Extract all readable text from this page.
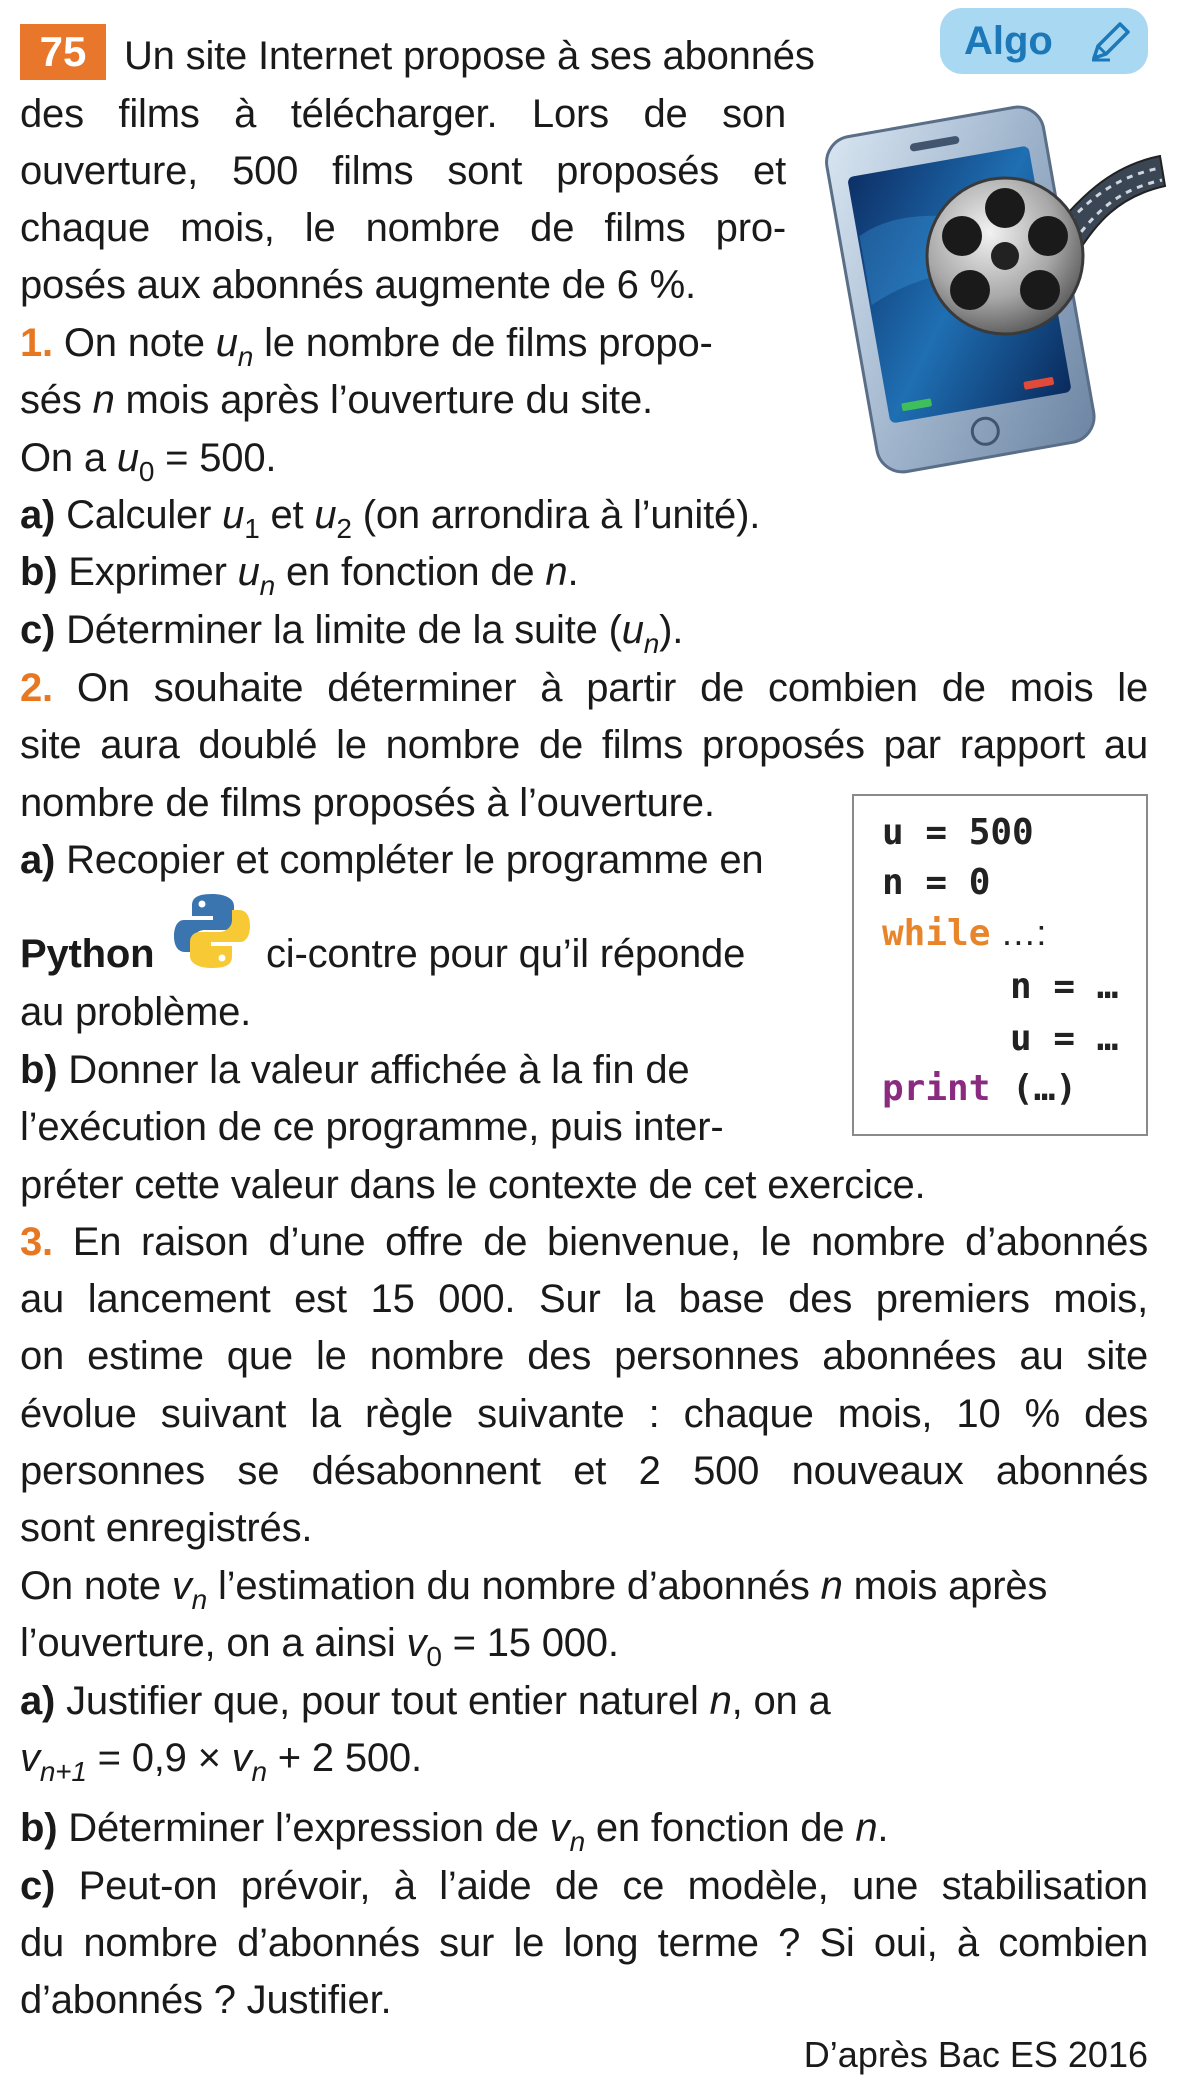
75	Algo
Un site Internet propose à ses abonnés
des films à télécharger. Lors de son
ouverture, 500 films sont proposés et
chaque mois, le nombre de films pro-
posés aux abonnés augmente de 6 %.
1. On note $u_n$ le nombre de films propo-
sés n mois après l’ouverture du site.
On a $u_0 = 500$.
a) Calculer $u_1$ et $u_2$ (on arrondira à l’unité).
b) Exprimer $u_n$ en fonction de n.
c) Déterminer la limite de la suite $(u_n)$.
2. On souhaite déterminer à partir de combien de mois le
site aura doublé le nombre de films proposés par rapport au
nombre de films proposés à l’ouverture.
a) Recopier et compléter le programme en
Python	ci-contre pour qu’il réponde
au problème.
b) Donner la valeur affichée à la fin de
l’exécution de ce programme, puis inter-
préter cette valeur dans le contexte de cet exercice.
u = 500
n = 0
while …:
n = …
u = …
print (…)
3. En raison d’une offre de bienvenue, le nombre d’abonnés
au lancement est 15 000. Sur la base des premiers mois,
on estime que le nombre des personnes abonnées au site
évolue suivant la règle suivante : chaque mois, 10 % des
personnes se désabonnent et 2 500 nouveaux abonnés
sont enregistrés.
On note $v_n$ l’estimation du nombre d’abonnés n mois après
l’ouverture, on a ainsi $v_0 = 15$ 000.
a) Justifier que, pour tout entier naturel n, on a
$v_{n+1} = 0,9 \times v_n + 2$ 500.
b) Déterminer l’expression de $v_n$ en fonction de n.
c) Peut-on prévoir, à l’aide de ce modèle, une stabilisation
du nombre d’abonnés sur le long terme ? Si oui, à combien
d’abonnés ? Justifier.
D’après Bac ES 2016
